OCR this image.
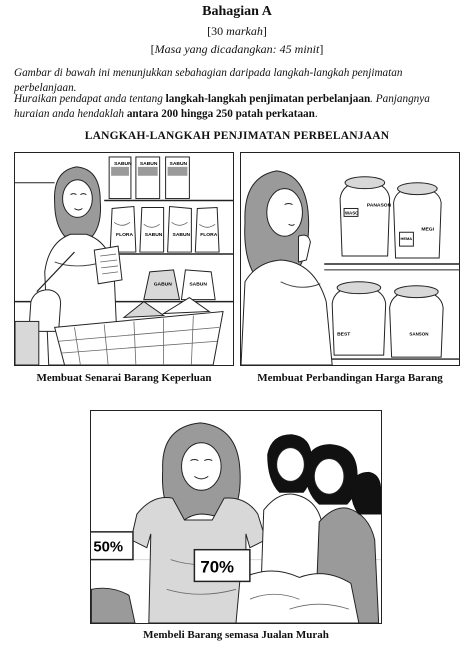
Bahagian A
[30 markah]
[Masa yang dicadangkan: 45 minit]
Gambar di bawah ini menunjukkan sebahagian daripada langkah-langkah penjimatan perbelanjaan.
Huraikan pendapat anda tentang langkah-langkah penjimatan perbelanjaan. Panjangnya huraian anda hendaklah antara 200 hingga 250 patah perkataan.
LANGKAH-LANGKAH PENJIMATAN PERBELANJAAN
SABUN SABUN SABUN
FLORA SABUN SABUN FLORA
GABUN	SABUN
PANASON
WASO
MEGI
HEMA
BEST	SANSON
Membuat Senarai Barang Keperluan	Membuat Perbandingan Harga Barang
50%
70%
Membeli Barang semasa Jualan Murah
